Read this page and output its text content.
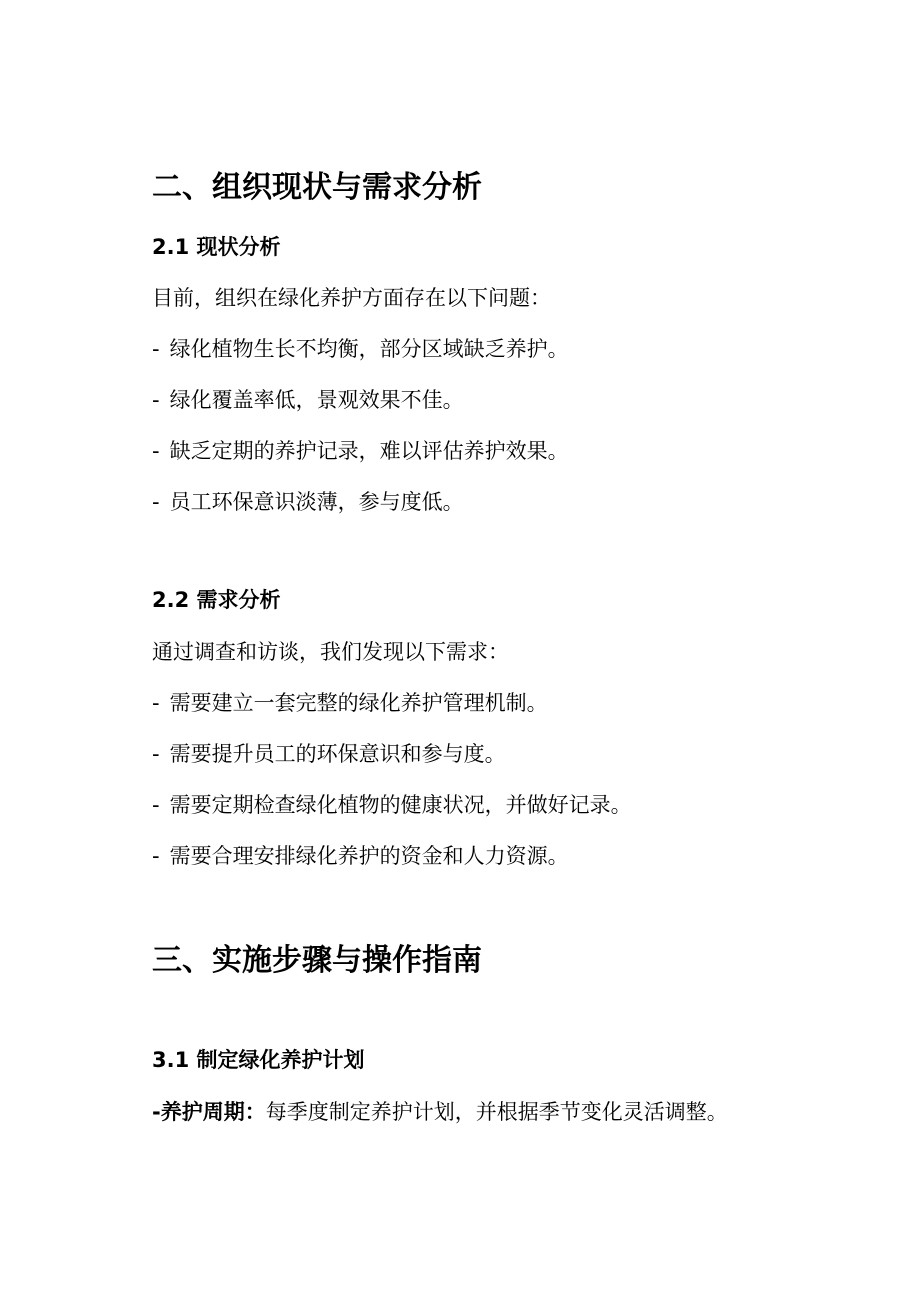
二、组织现状与需求分析
2.1 现状分析
目前，组织在绿化养护方面存在以下问题：
- 绿化植物生长不均衡，部分区域缺乏养护。
- 绿化覆盖率低，景观效果不佳。
- 缺乏定期的养护记录，难以评估养护效果。
- 员工环保意识淡薄，参与度低。
2.2 需求分析
通过调查和访谈，我们发现以下需求：
- 需要建立一套完整的绿化养护管理机制。
- 需要提升员工的环保意识和参与度。
- 需要定期检查绿化植物的健康状况，并做好记录。
- 需要合理安排绿化养护的资金和人力资源。
三、实施步骤与操作指南
3.1 制定绿化养护计划
-养护周期：每季度制定养护计划，并根据季节变化灵活调整。
